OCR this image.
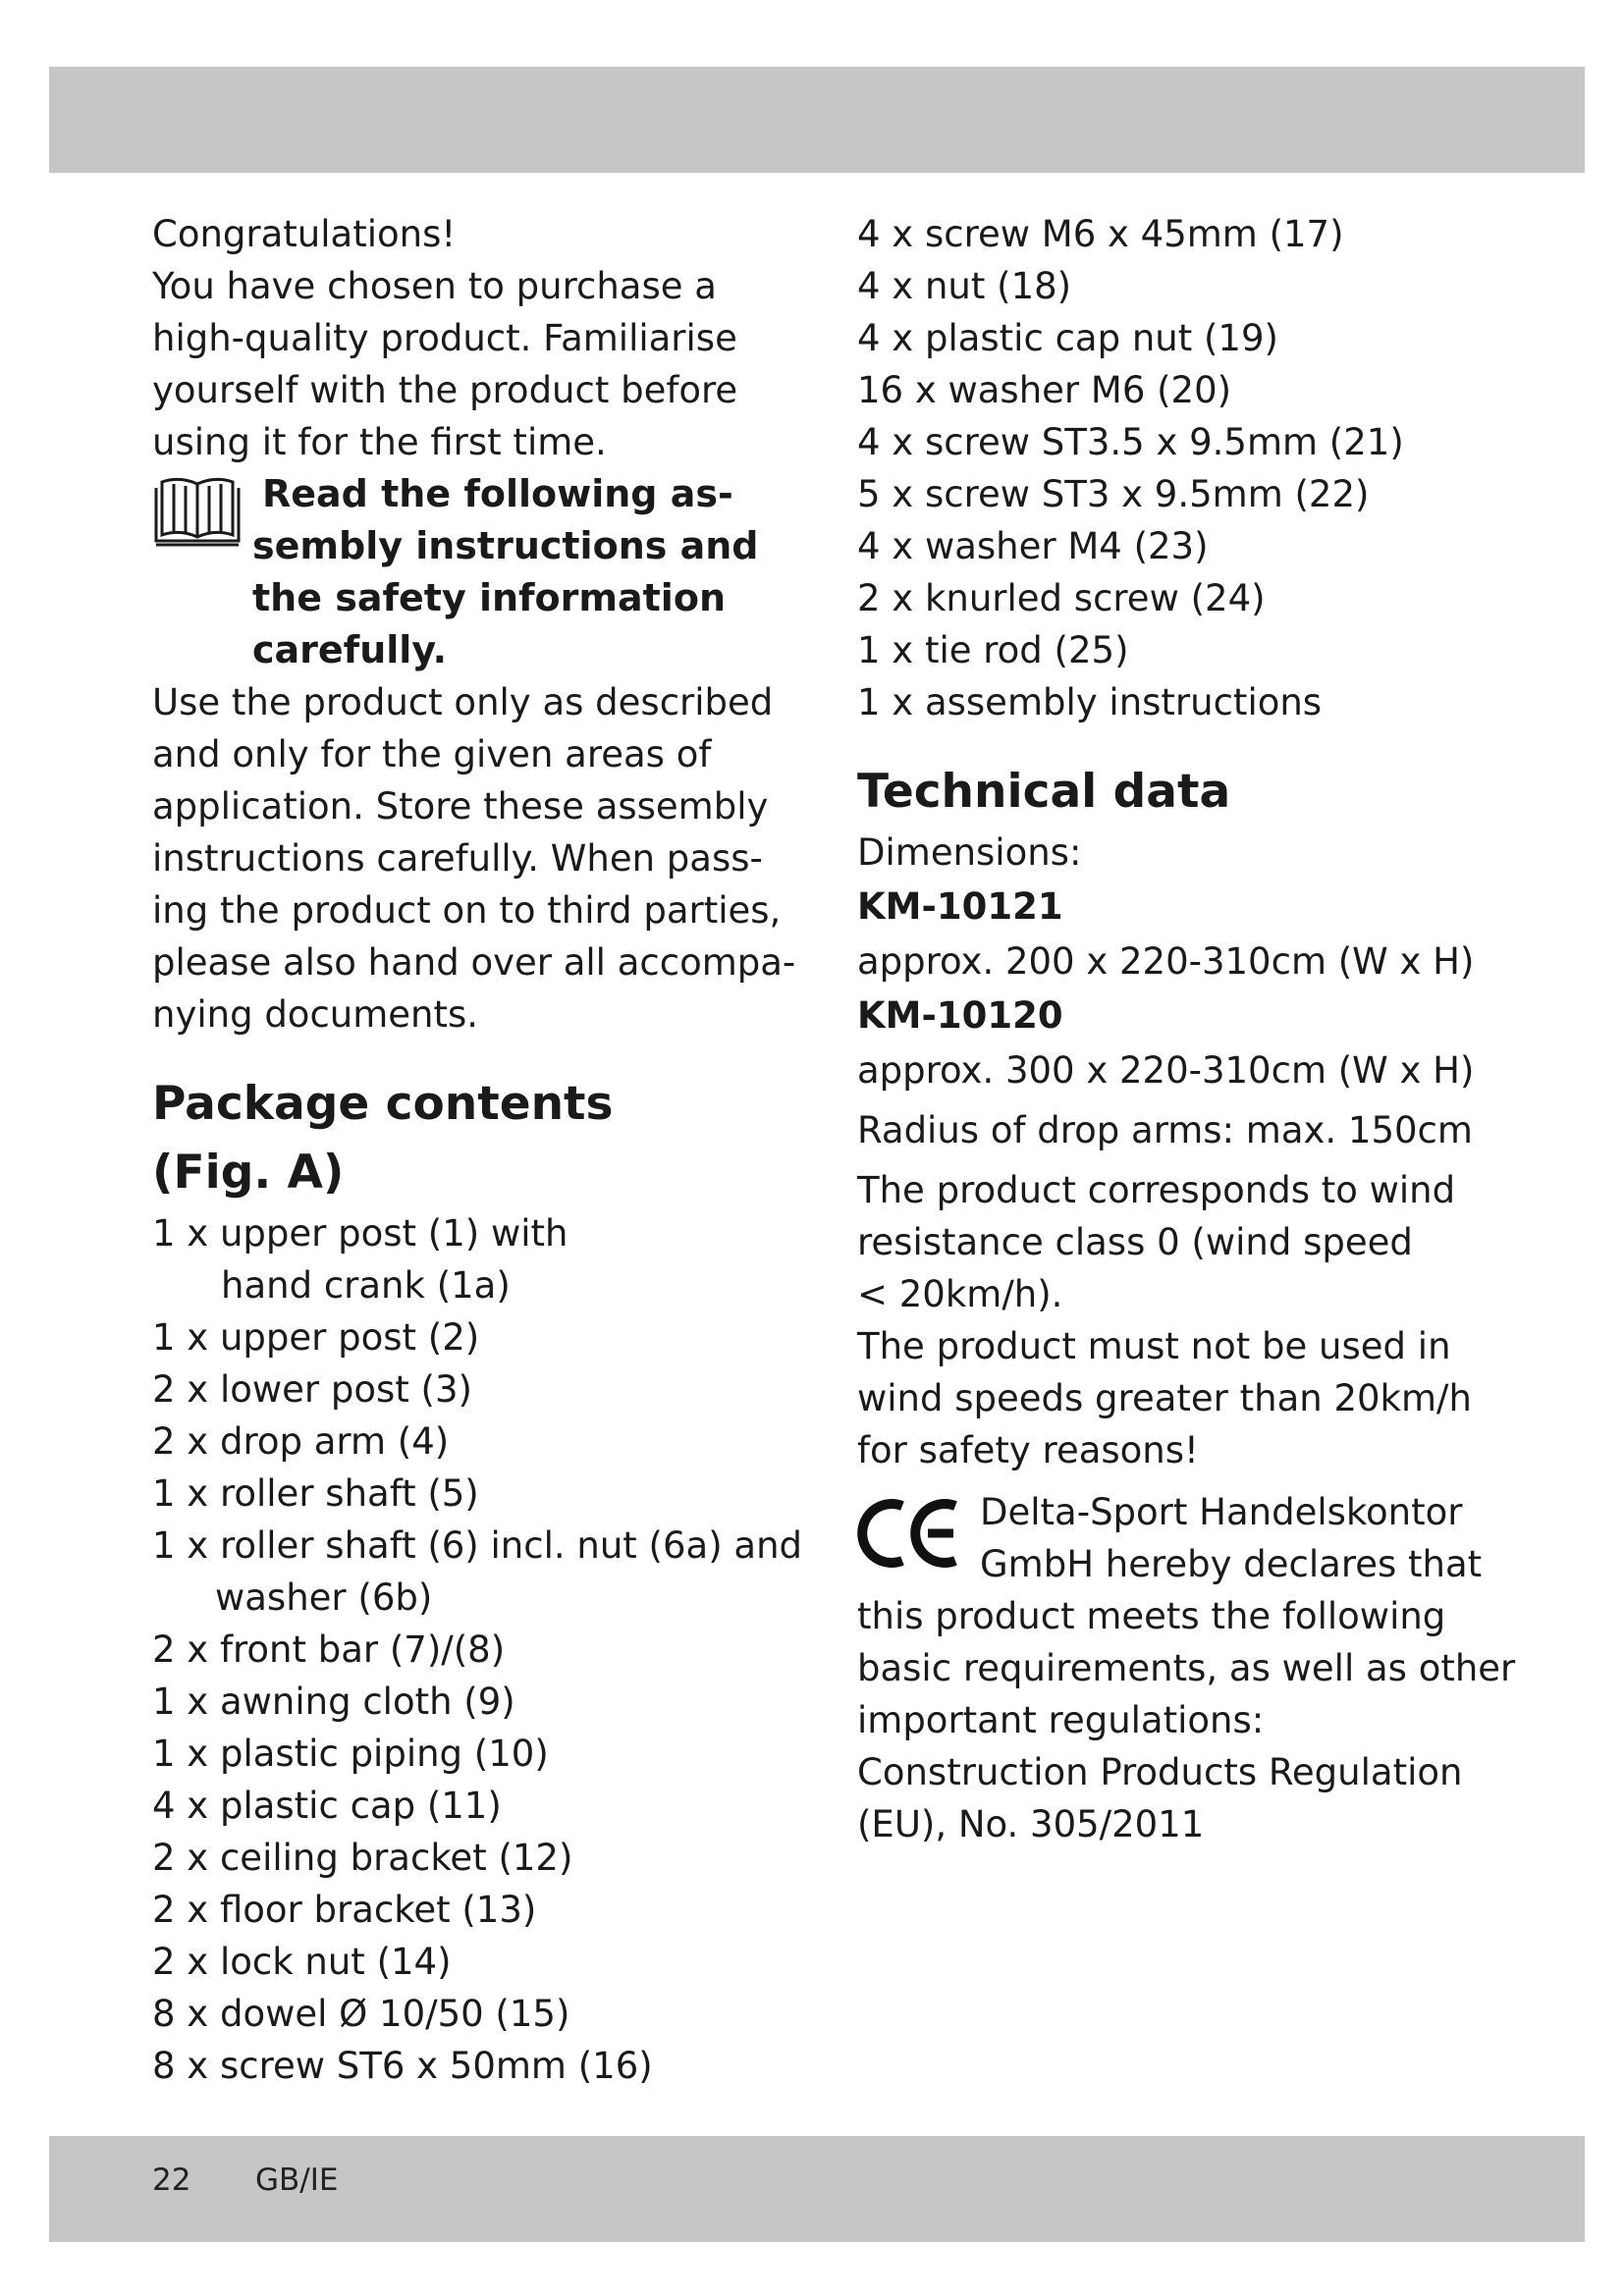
Congratulations!
You have chosen to purchase a
high-quality product. Familiarise
yourself with the product before
using it for the first time.
Read the following as-
sembly instructions and
the safety information
carefully.
Use the product only as described
and only for the given areas of
application. Store these assembly
instructions carefully. When pass-
ing the product on to third parties,
please also hand over all accompa-
nying documents.
Package contents
(Fig. A)
1 x upper post (1) with
hand crank (1a)
1 x upper post (2)
2 x lower post (3)
2 x drop arm (4)
1 x roller shaft (5)
1 x roller shaft (6) incl. nut (6a) and
washer (6b)
2 x front bar (7)/(8)
1 x awning cloth (9)
1 x plastic piping (10)
4 x plastic cap (11)
2 x ceiling bracket (12)
2 x floor bracket (13)
2 x lock nut (14)
8 x dowel Ø 10/50 (15)
8 x screw ST6 x 50mm (16)
4 x screw M6 x 45mm (17)
4 x nut (18)
4 x plastic cap nut (19)
16 x washer M6 (20)
4 x screw ST3.5 x 9.5mm (21)
5 x screw ST3 x 9.5mm (22)
4 x washer M4 (23)
2 x knurled screw (24)
1 x tie rod (25)
1 x assembly instructions
Technical data
Dimensions:
KM-10121
approx. 200 x 220-310cm (W x H)
KM-10120
approx. 300 x 220-310cm (W x H)
Radius of drop arms: max. 150cm
The product corresponds to wind
resistance class 0 (wind speed
< 20km/h).
The product must not be used in
wind speeds greater than 20km/h
for safety reasons!
Delta-Sport Handelskontor
GmbH hereby declares that
this product meets the following
basic requirements, as well as other
important regulations:
Construction Products Regulation
(EU), No. 305/2011
22 GB/IE
